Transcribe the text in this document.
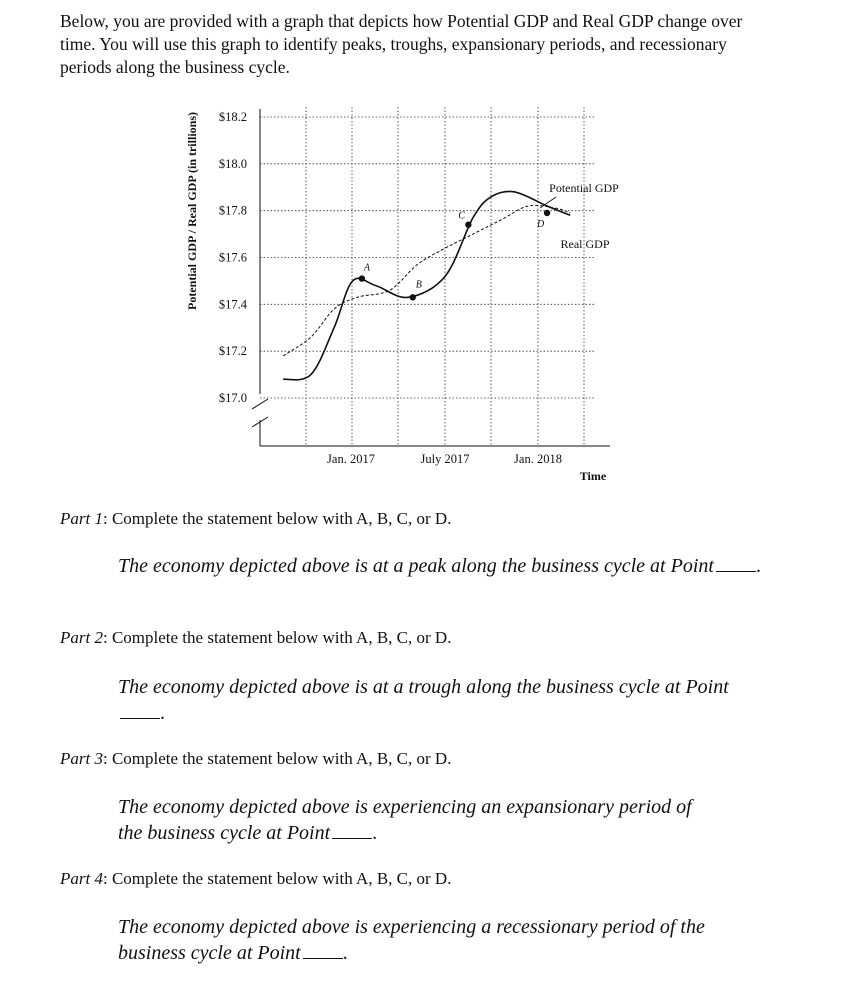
Below, you are provided with a graph that depicts how Potential GDP and Real GDP change over time. You will use this graph to identify peaks, troughs, expansionary periods, and recessionary periods along the business cycle.
$18.2
$18.0
$17.8
$17.6
$17.4
$17.2
$17.0
Jan. 2017	July 2017	Jan. 2018
Time
Potential GDP / Real GDP (in trillions)	A
B
C
D
Potential GDP
Real GDP
Part 1: Complete the statement below with A, B, C, or D.
The economy depicted above is at a peak along the business cycle at Point .
Part 2: Complete the statement below with A, B, C, or D.
The economy depicted above is at a trough along the business cycle at Point.
Part 3: Complete the statement below with A, B, C, or D.
The economy depicted above is experiencing an expansionary period of the business cycle at Point .
Part 4: Complete the statement below with A, B, C, or D.
The economy depicted above is experiencing a recessionary period of the business cycle at Point .
